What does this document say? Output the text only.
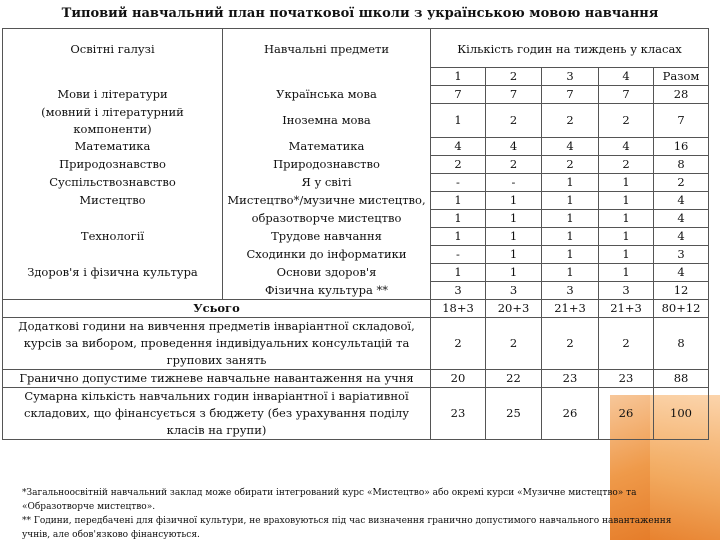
Типовий навчальний план початкової школи з українською мовою навчання
Освітні галузі	Навчальні предмети	Кількість годин на тиждень у класах				
		1	2	3	4	Разом
Мови і літератури	Українська мова	7	7	7	7	28
(мовний і літературний компоненти)	Іноземна мова	1	2	2	2	7
Математика	Математика	4	4	4	4	16
Природознавство	Природознавство	2	2	2	2	8
Суспільствознавство	Я у світі	-	-	1	1	2
Мистецтво	Мистецтво*/музичне мистецтво,	1	1	1	1	4
	образотворче мистецтво	1	1	1	1	4
Технології	Трудове навчання	1	1	1	1	4
	Сходинки до інформатики	-	1	1	1	3
Здоров'я і фізична культура	Основи здоров'я	1	1	1	1	4
	Фізична культура **	3	3	3	3	12
Усього		18+3	20+3	21+3	21+3	80+12
Додаткові години на вивчення предметів інваріантної складової, курсів за вибором, проведення індивідуальних консультацій та групових занять		2	2	2	2	8
Гранично допустиме тижневе навчальне навантаження на учня		20	22	23	23	88
Сумарна кількість навчальних годин інваріантної і варіативної складових, що фінансується з бюджету (без урахування поділу класів на групи)		23	25	26	26	100
*Загальноосвітній навчальний заклад може обирати інтегрований курс «Мистецтво» або окремі курси «Музичне мистецтво» та «Образотворче мистецтво».
** Години, передбачені для фізичної культури, не враховуються під час визначення гранично допустимого навчального навантаження учнів, але обов'язково фінансуються.
